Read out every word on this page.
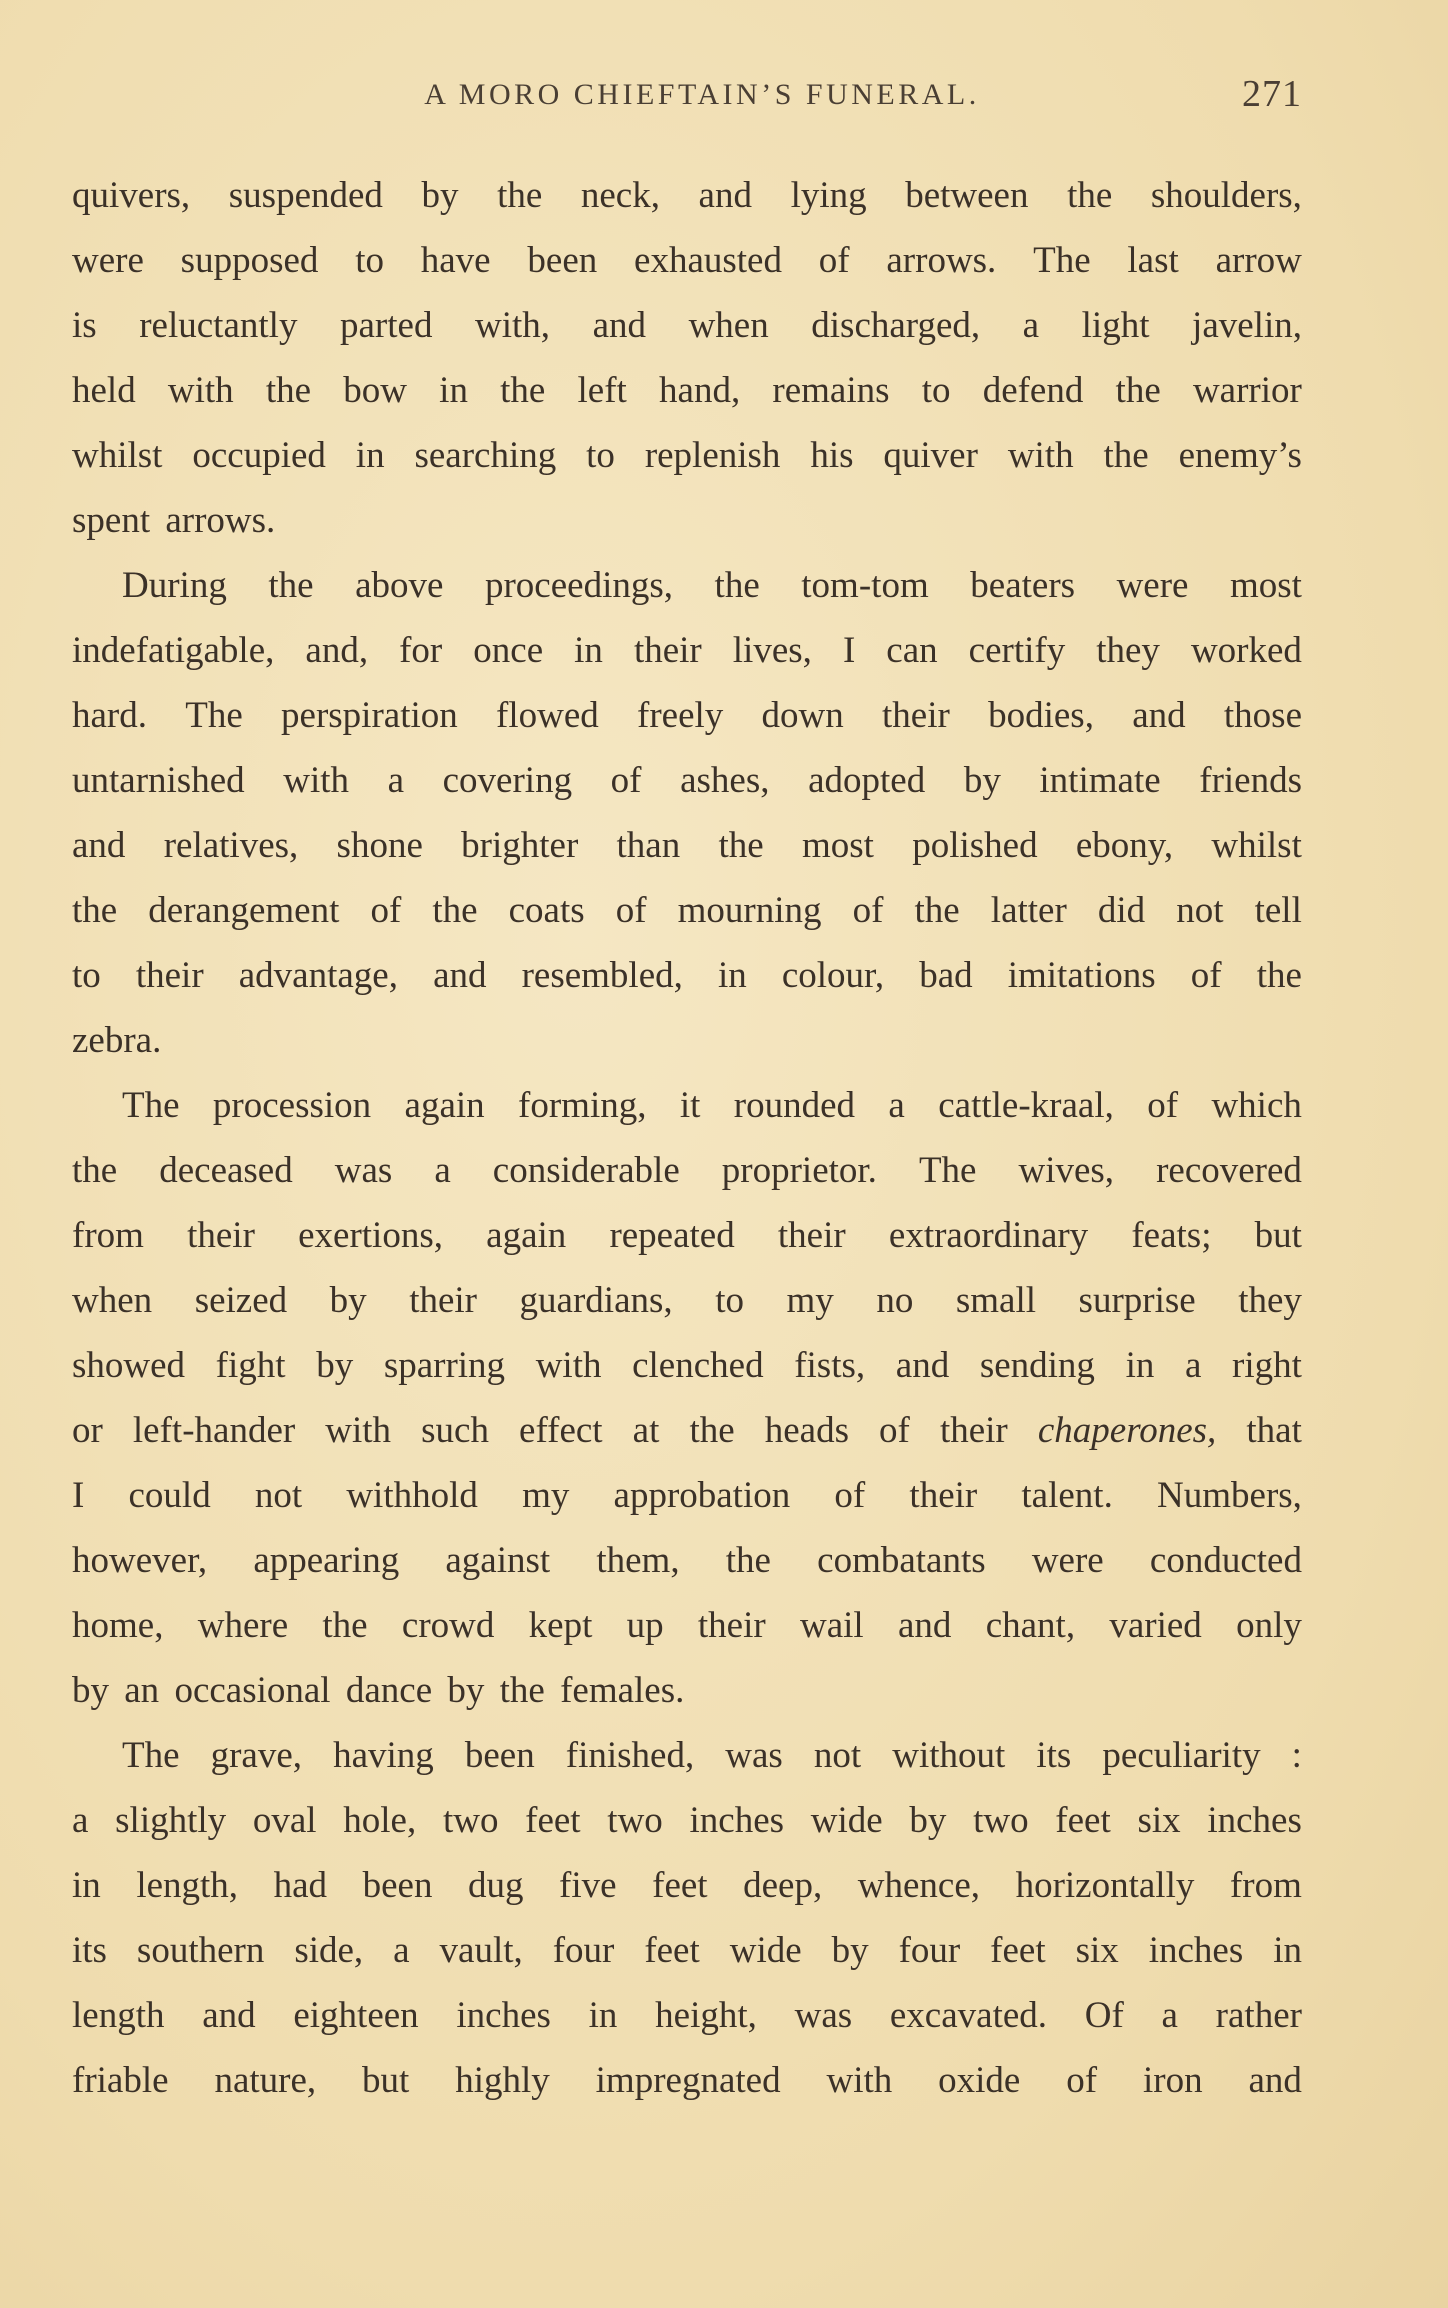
A MORO CHIEFTAIN’S FUNERAL.	271
quivers, suspended by the neck, and lying between the shoulders,
were supposed to have been exhausted of arrows. The last arrow
is reluctantly parted with, and when discharged, a light javelin,
held with the bow in the left hand, remains to defend the warrior
whilst occupied in searching to replenish his quiver with the enemy’s
spent arrows.
During the above proceedings, the tom-tom beaters were most
indefatigable, and, for once in their lives, I can certify they worked
hard. The perspiration flowed freely down their bodies, and those
untarnished with a covering of ashes, adopted by intimate friends
and relatives, shone brighter than the most polished ebony, whilst
the derangement of the coats of mourning of the latter did not tell
to their advantage, and resembled, in colour, bad imitations of the
zebra.
The procession again forming, it rounded a cattle-kraal, of which
the deceased was a considerable proprietor. The wives, recovered
from their exertions, again repeated their extraordinary feats; but
when seized by their guardians, to my no small surprise they
showed fight by sparring with clenched fists, and sending in a right
or left-hander with such effect at the heads of their chaperones, that
I could not withhold my approbation of their talent. Numbers,
however, appearing against them, the combatants were conducted
home, where the crowd kept up their wail and chant, varied only
by an occasional dance by the females.
The grave, having been finished, was not without its peculiarity :
a slightly oval hole, two feet two inches wide by two feet six inches
in length, had been dug five feet deep, whence, horizontally from
its southern side, a vault, four feet wide by four feet six inches in
length and eighteen inches in height, was excavated. Of a rather
friable nature, but highly impregnated with oxide of iron and
